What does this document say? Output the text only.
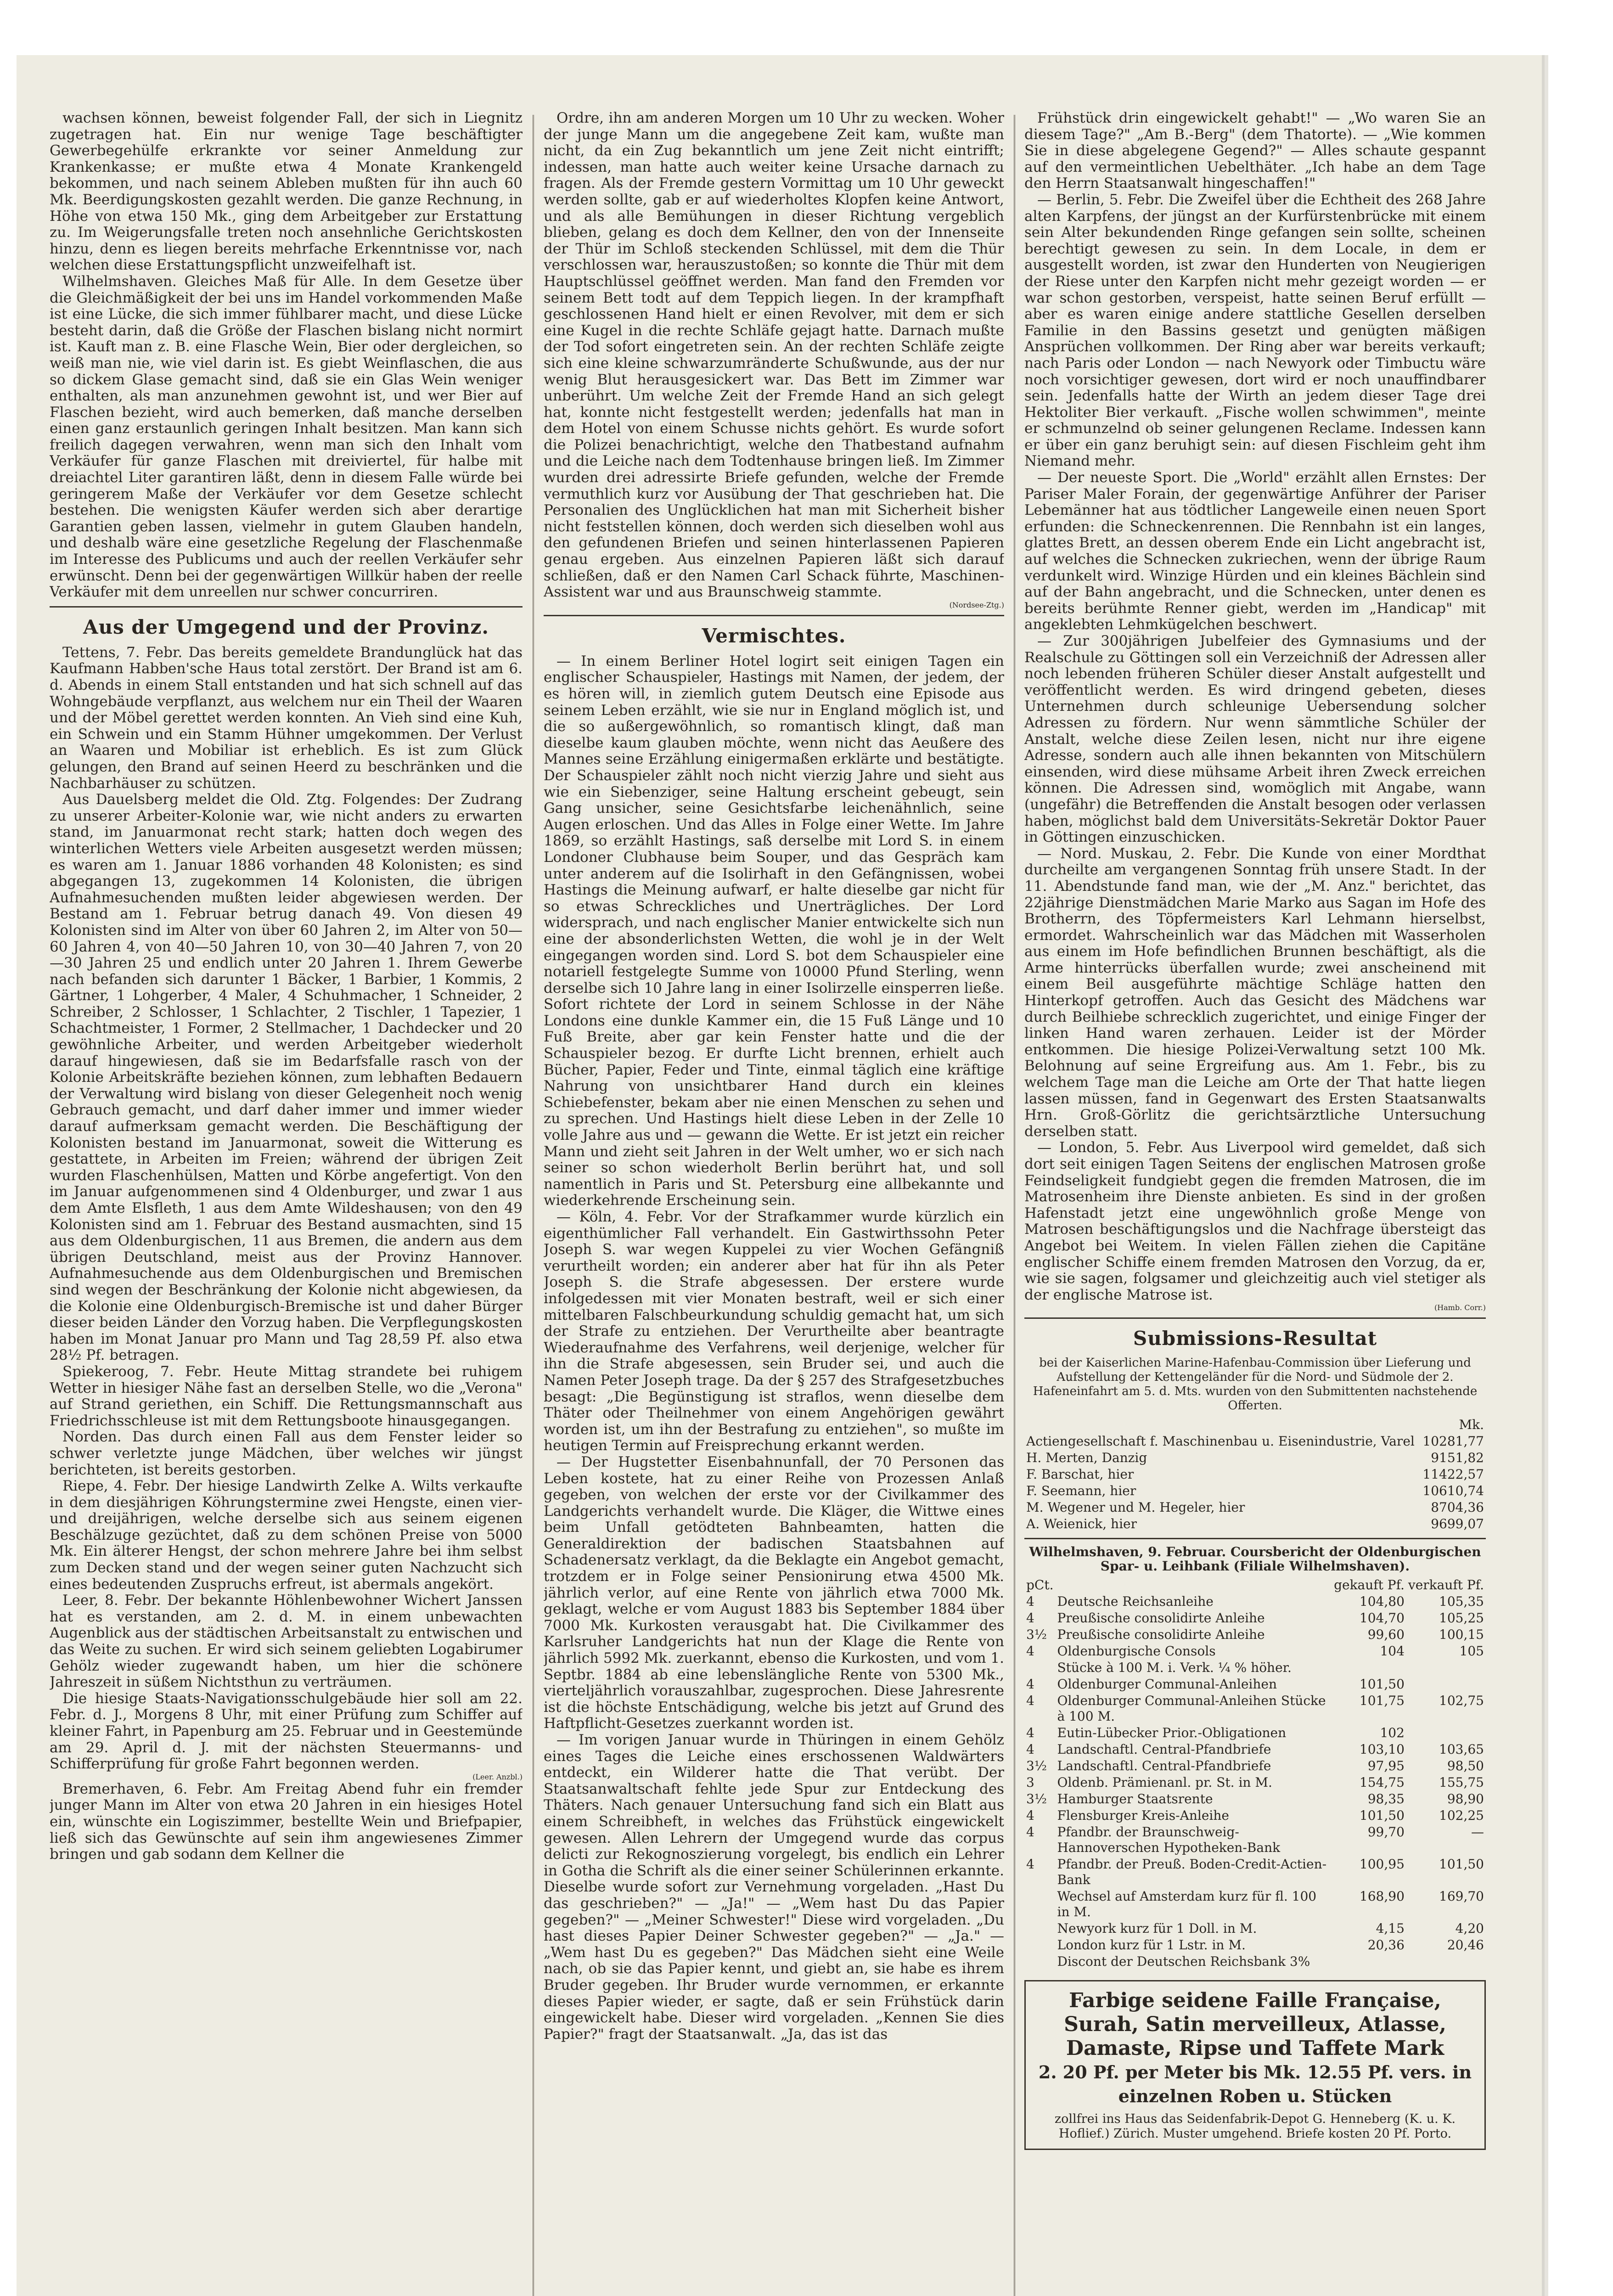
wachsen können, beweist folgender Fall, der sich in Liegnitz zugetragen hat. Ein nur wenige Tage beschäftigter Gewerbegehülfe erkrankte vor seiner Anmeldung zur Krankenkasse; er mußte etwa 4 Monate Krankengeld bekommen, und nach seinem Ableben mußten für ihn auch 60 Mk. Beerdigungskosten gezahlt werden. Die ganze Rechnung, in Höhe von etwa 150 Mk., ging dem Arbeitgeber zur Erstattung zu. Im Weigerungsfalle treten noch ansehnliche Gerichtskosten hinzu, denn es liegen bereits mehrfache Erkenntnisse vor, nach welchen diese Erstattungspflicht unzweifelhaft ist.

Wilhelmshaven. Gleiches Maß für Alle. In dem Gesetze über die Gleichmäßigkeit der bei uns im Handel vorkommenden Maße ist eine Lücke, die sich immer fühlbarer macht, und diese Lücke besteht darin, daß die Größe der Flaschen bislang nicht normirt ist. Kauft man z. B. eine Flasche Wein, Bier oder dergleichen, so weiß man nie, wie viel darin ist. Es giebt Weinflaschen, die aus so dickem Glase gemacht sind, daß sie ein Glas Wein weniger enthalten, als man anzunehmen gewohnt ist, und wer Bier auf Flaschen bezieht, wird auch bemerken, daß manche derselben einen ganz erstaunlich geringen Inhalt besitzen. Man kann sich freilich dagegen verwahren, wenn man sich den Inhalt vom Verkäufer für ganze Flaschen mit dreiviertel, für halbe mit dreiachtel Liter garantiren läßt, denn in diesem Falle würde bei geringerem Maße der Verkäufer vor dem Gesetze schlecht bestehen. Die wenigsten Käufer werden sich aber derartige Garantien geben lassen, vielmehr in gutem Glauben handeln, und deshalb wäre eine gesetzliche Regelung der Flaschenmaße im Interesse des Publicums und auch der reellen Verkäufer sehr erwünscht. Denn bei der gegenwärtigen Willkür haben der reelle Verkäufer mit dem unreellen nur schwer concurriren.

Aus der Umgegend und der Provinz.

Tettens, 7. Febr. Das bereits gemeldete Brandunglück hat das Kaufmann Habben'sche Haus total zerstört. Der Brand ist am 6. d. Abends in einem Stall entstanden und hat sich schnell auf das Wohngebäude verpflanzt, aus welchem nur ein Theil der Waaren und der Möbel gerettet werden konnten. An Vieh sind eine Kuh, ein Schwein und ein Stamm Hühner umgekommen. Der Verlust an Waaren und Mobiliar ist erheblich. Es ist zum Glück gelungen, den Brand auf seinen Heerd zu beschränken und die Nachbarhäuser zu schützen.

Aus Dauelsberg meldet die Old. Ztg. Folgendes: Der Zudrang zu unserer Arbeiter-Kolonie war, wie nicht anders zu erwarten stand, im Januarmonat recht stark; hatten doch wegen des winterlichen Wetters viele Arbeiten ausgesetzt werden müssen; es waren am 1. Januar 1886 vorhanden 48 Kolonisten; es sind abgegangen 13, zugekommen 14 Kolonisten, die übrigen Aufnahmesuchenden mußten leider abgewiesen werden. Der Bestand am 1. Februar betrug danach 49. Von diesen 49 Kolonisten sind im Alter von über 60 Jahren 2, im Alter von 50—60 Jahren 4, von 40—50 Jahren 10, von 30—40 Jahren 7, von 20—30 Jahren 25 und endlich unter 20 Jahren 1. Ihrem Gewerbe nach befanden sich darunter 1 Bäcker, 1 Barbier, 1 Kommis, 2 Gärtner, 1 Lohgerber, 4 Maler, 4 Schuhmacher, 1 Schneider, 2 Schreiber, 2 Schlosser, 1 Schlachter, 2 Tischler, 1 Tapezier, 1 Schachtmeister, 1 Former, 2 Stellmacher, 1 Dachdecker und 20 gewöhnliche Arbeiter, und werden Arbeitgeber wiederholt darauf hingewiesen, daß sie im Bedarfsfalle rasch von der Kolonie Arbeitskräfte beziehen können, zum lebhaften Bedauern der Verwaltung wird bislang von dieser Gelegenheit noch wenig Gebrauch gemacht, und darf daher immer und immer wieder darauf aufmerksam gemacht werden. Die Beschäftigung der Kolonisten bestand im Januarmonat, soweit die Witterung es gestattete, in Arbeiten im Freien; während der übrigen Zeit wurden Flaschenhülsen, Matten und Körbe angefertigt. Von den im Januar aufgenommenen sind 4 Oldenburger, und zwar 1 aus dem Amte Elsfleth, 1 aus dem Amte Wildeshausen; von den 49 Kolonisten sind am 1. Februar des Bestand ausmachten, sind 15 aus dem Oldenburgischen, 11 aus Bremen, die andern aus dem übrigen Deutschland, meist aus der Provinz Hannover. Aufnahmesuchende aus dem Oldenburgischen und Bremischen sind wegen der Beschränkung der Kolonie nicht abgewiesen, da die Kolonie eine Oldenburgisch-Bremische ist und daher Bürger dieser beiden Länder den Vorzug haben. Die Verpflegungskosten haben im Monat Januar pro Mann und Tag 28,59 Pf. also etwa 28½ Pf. betragen.

Spiekeroog, 7. Febr. Heute Mittag strandete bei ruhigem Wetter in hiesiger Nähe fast an derselben Stelle, wo die „Verona" auf Strand geriethen, ein Schiff. Die Rettungsmannschaft aus Friedrichsschleuse ist mit dem Rettungsboote hinausgegangen.

Norden. Das durch einen Fall aus dem Fenster leider so schwer verletzte junge Mädchen, über welches wir jüngst berichteten, ist bereits gestorben.

Riepe, 4. Febr. Der hiesige Landwirth Zelke A. Wilts verkaufte in dem diesjährigen Köhrungstermine zwei Hengste, einen vier- und dreijährigen, welche derselbe sich aus seinem eigenen Beschälzuge gezüchtet, daß zu dem schönen Preise von 5000 Mk. Ein älterer Hengst, der schon mehrere Jahre bei ihm selbst zum Decken stand und der wegen seiner guten Nachzucht sich eines bedeutenden Zuspruchs erfreut, ist abermals angekört.

Leer, 8. Febr. Der bekannte Höhlenbewohner Wichert Janssen hat es verstanden, am 2. d. M. in einem unbewachten Augenblick aus der städtischen Arbeitsanstalt zu entwischen und das Weite zu suchen. Er wird sich seinem geliebten Logabirumer Gehölz wieder zugewandt haben, um hier die schönere Jahreszeit in süßem Nichtsthun zu verträumen.

Die hiesige Staats-Navigationsschulgebäude hier soll am 22. Febr. d. J., Morgens 8 Uhr, mit einer Prüfung zum Schiffer auf kleiner Fahrt, in Papenburg am 25. Februar und in Geestemünde am 29. April d. J. mit der nächsten Steuermanns- und Schifferprüfung für große Fahrt begonnen werden.

(Leer. Anzbl.)

Bremerhaven, 6. Febr. Am Freitag Abend fuhr ein fremder junger Mann im Alter von etwa 20 Jahren in ein hiesiges Hotel ein, wünschte ein Logiszimmer, bestellte Wein und Briefpapier, ließ sich das Gewünschte auf sein ihm angewiesenes Zimmer bringen und gab sodann dem Kellner die

Ordre, ihn am anderen Morgen um 10 Uhr zu wecken. Woher der junge Mann um die angegebene Zeit kam, wußte man nicht, da ein Zug bekanntlich um jene Zeit nicht eintrifft; indessen, man hatte auch weiter keine Ursache darnach zu fragen. Als der Fremde gestern Vormittag um 10 Uhr geweckt werden sollte, gab er auf wiederholtes Klopfen keine Antwort, und als alle Bemühungen in dieser Richtung vergeblich blieben, gelang es doch dem Kellner, den von der Innenseite der Thür im Schloß steckenden Schlüssel, mit dem die Thür verschlossen war, herauszustoßen; so konnte die Thür mit dem Hauptschlüssel geöffnet werden. Man fand den Fremden vor seinem Bett todt auf dem Teppich liegen. In der krampfhaft geschlossenen Hand hielt er einen Revolver, mit dem er sich eine Kugel in die rechte Schläfe gejagt hatte. Darnach mußte der Tod sofort eingetreten sein. An der rechten Schläfe zeigte sich eine kleine schwarzumränderte Schußwunde, aus der nur wenig Blut herausgesickert war. Das Bett im Zimmer war unberührt. Um welche Zeit der Fremde Hand an sich gelegt hat, konnte nicht festgestellt werden; jedenfalls hat man in dem Hotel von einem Schusse nichts gehört. Es wurde sofort die Polizei benachrichtigt, welche den Thatbestand aufnahm und die Leiche nach dem Todtenhause bringen ließ. Im Zimmer wurden drei adressirte Briefe gefunden, welche der Fremde vermuthlich kurz vor Ausübung der That geschrieben hat. Die Personalien des Unglücklichen hat man mit Sicherheit bisher nicht feststellen können, doch werden sich dieselben wohl aus den gefundenen Briefen und seinen hinterlassenen Papieren genau ergeben. Aus einzelnen Papieren läßt sich darauf schließen, daß er den Namen Carl Schack führte, Maschinen-Assistent war und aus Braunschweig stammte.

(Nordsee-Ztg.)
Vermischtes.

— In einem Berliner Hotel logirt seit einigen Tagen ein englischer Schauspieler, Hastings mit Namen, der jedem, der es hören will, in ziemlich gutem Deutsch eine Episode aus seinem Leben erzählt, wie sie nur in England möglich ist, und die so außergewöhnlich, so romantisch klingt, daß man dieselbe kaum glauben möchte, wenn nicht das Aeußere des Mannes seine Erzählung einigermaßen erklärte und bestätigte. Der Schauspieler zählt noch nicht vierzig Jahre und sieht aus wie ein Siebenziger, seine Haltung erscheint gebeugt, sein Gang unsicher, seine Gesichtsfarbe leichenähnlich, seine Augen erloschen. Und das Alles in Folge einer Wette. Im Jahre 1869, so erzählt Hastings, saß derselbe mit Lord S. in einem Londoner Clubhause beim Souper, und das Gespräch kam unter anderem auf die Isolirhaft in den Gefängnissen, wobei Hastings die Meinung aufwarf, er halte dieselbe gar nicht für so etwas Schreckliches und Unerträgliches. Der Lord widersprach, und nach englischer Manier entwickelte sich nun eine der absonderlichsten Wetten, die wohl je in der Welt eingegangen worden sind. Lord S. bot dem Schauspieler eine notariell festgelegte Summe von 10000 Pfund Sterling, wenn derselbe sich 10 Jahre lang in einer Isolirzelle einsperren ließe. Sofort richtete der Lord in seinem Schlosse in der Nähe Londons eine dunkle Kammer ein, die 15 Fuß Länge und 10 Fuß Breite, aber gar kein Fenster hatte und die der Schauspieler bezog. Er durfte Licht brennen, erhielt auch Bücher, Papier, Feder und Tinte, einmal täglich eine kräftige Nahrung von unsichtbarer Hand durch ein kleines Schiebefenster, bekam aber nie einen Menschen zu sehen und zu sprechen. Und Hastings hielt diese Leben in der Zelle 10 volle Jahre aus und — gewann die Wette. Er ist jetzt ein reicher Mann und zieht seit Jahren in der Welt umher, wo er sich nach seiner so schon wiederholt Berlin berührt hat, und soll namentlich in Paris und St. Petersburg eine allbekannte und wiederkehrende Erscheinung sein.

— Köln, 4. Febr. Vor der Strafkammer wurde kürzlich ein eigenthümlicher Fall verhandelt. Ein Gastwirthssohn Peter Joseph S. war wegen Kuppelei zu vier Wochen Gefängniß verurtheilt worden; ein anderer aber hat für ihn als Peter Joseph S. die Strafe abgesessen. Der erstere wurde infolgedessen mit vier Monaten bestraft, weil er sich einer mittelbaren Falschbeurkundung schuldig gemacht hat, um sich der Strafe zu entziehen. Der Verurtheilte aber beantragte Wiederaufnahme des Verfahrens, weil derjenige, welcher für ihn die Strafe abgesessen, sein Bruder sei, und auch die Namen Peter Joseph trage. Da der § 257 des Strafgesetzbuches besagt: „Die Begünstigung ist straflos, wenn dieselbe dem Thäter oder Theilnehmer von einem Angehörigen gewährt worden ist, um ihn der Bestrafung zu entziehen", so mußte im heutigen Termin auf Freisprechung erkannt werden.

— Der Hugstetter Eisenbahnunfall, der 70 Personen das Leben kostete, hat zu einer Reihe von Prozessen Anlaß gegeben, von welchen der erste vor der Civilkammer des Landgerichts verhandelt wurde. Die Kläger, die Wittwe eines beim Unfall getödteten Bahnbeamten, hatten die Generaldirektion der badischen Staatsbahnen auf Schadenersatz verklagt, da die Beklagte ein Angebot gemacht, trotzdem er in Folge seiner Pensionirung etwa 4500 Mk. jährlich verlor, auf eine Rente von jährlich etwa 7000 Mk. geklagt, welche er vom August 1883 bis September 1884 über 7000 Mk. Kurkosten verausgabt hat. Die Civilkammer des Karlsruher Landgerichts hat nun der Klage die Rente von jährlich 5992 Mk. zuerkannt, ebenso die Kurkosten, und vom 1. Septbr. 1884 ab eine lebenslängliche Rente von 5300 Mk., vierteljährlich vorauszahlbar, zugesprochen. Diese Jahresrente ist die höchste Entschädigung, welche bis jetzt auf Grund des Haftpflicht-Gesetzes zuerkannt worden ist.

— Im vorigen Januar wurde in Thüringen in einem Gehölz eines Tages die Leiche eines erschossenen Waldwärters entdeckt, ein Wilderer hatte die That verübt. Der Staatsanwaltschaft fehlte jede Spur zur Entdeckung des Thäters. Nach genauer Untersuchung fand sich ein Blatt aus einem Schreibheft, in welches das Frühstück eingewickelt gewesen. Allen Lehrern der Umgegend wurde das corpus delicti zur Rekognoszierung vorgelegt, bis endlich ein Lehrer in Gotha die Schrift als die einer seiner Schülerinnen erkannte. Dieselbe wurde sofort zur Vernehmung vorgeladen. „Hast Du das geschrieben?" — „Ja!" — „Wem hast Du das Papier gegeben?" — „Meiner Schwester!" Diese wird vorgeladen. „Du hast dieses Papier Deiner Schwester gegeben?" — „Ja." — „Wem hast Du es gegeben?" Das Mädchen sieht eine Weile nach, ob sie das Papier kennt, und giebt an, sie habe es ihrem Bruder gegeben. Ihr Bruder wurde vernommen, er erkannte dieses Papier wieder, er sagte, daß er sein Frühstück darin eingewickelt habe. Dieser wird vorgeladen. „Kennen Sie dies Papier?" fragt der Staatsanwalt. „Ja, das ist das

Frühstück drin eingewickelt gehabt!" — „Wo waren Sie an diesem Tage?" „Am B.-Berg" (dem Thatorte). — „Wie kommen Sie in diese abgelegene Gegend?" — Alles schaute gespannt auf den vermeintlichen Uebelthäter. „Ich habe an dem Tage den Herrn Staatsanwalt hingeschaffen!"

— Berlin, 5. Febr. Die Zweifel über die Echtheit des 268 Jahre alten Karpfens, der jüngst an der Kurfürstenbrücke mit einem sein Alter bekundenden Ringe gefangen sein sollte, scheinen berechtigt gewesen zu sein. In dem Locale, in dem er ausgestellt worden, ist zwar den Hunderten von Neugierigen der Riese unter den Karpfen nicht mehr gezeigt worden — er war schon gestorben, verspeist, hatte seinen Beruf erfüllt — aber es waren einige andere stattliche Gesellen derselben Familie in den Bassins gesetzt und genügten mäßigen Ansprüchen vollkommen. Der Ring aber war bereits verkauft; nach Paris oder London — nach Newyork oder Timbuctu wäre noch vorsichtiger gewesen, dort wird er noch unauffindbarer sein. Jedenfalls hatte der Wirth an jedem dieser Tage drei Hektoliter Bier verkauft. „Fische wollen schwimmen", meinte er schmunzelnd ob seiner gelungenen Reclame. Indessen kann er über ein ganz beruhigt sein: auf diesen Fischleim geht ihm Niemand mehr.

— Der neueste Sport. Die „World" erzählt allen Ernstes: Der Pariser Maler Forain, der gegenwärtige Anführer der Pariser Lebemänner hat aus tödtlicher Langeweile einen neuen Sport erfunden: die Schneckenrennen. Die Rennbahn ist ein langes, glattes Brett, an dessen oberem Ende ein Licht angebracht ist, auf welches die Schnecken zukriechen, wenn der übrige Raum verdunkelt wird. Winzige Hürden und ein kleines Bächlein sind auf der Bahn angebracht, und die Schnecken, unter denen es bereits berühmte Renner giebt, werden im „Handicap" mit angeklebten Lehmkügelchen beschwert.

— Zur 300jährigen Jubelfeier des Gymnasiums und der Realschule zu Göttingen soll ein Verzeichniß der Adressen aller noch lebenden früheren Schüler dieser Anstalt aufgestellt und veröffentlicht werden. Es wird dringend gebeten, dieses Unternehmen durch schleunige Uebersendung solcher Adressen zu fördern. Nur wenn sämmtliche Schüler der Anstalt, welche diese Zeilen lesen, nicht nur ihre eigene Adresse, sondern auch alle ihnen bekannten von Mitschülern einsenden, wird diese mühsame Arbeit ihren Zweck erreichen können. Die Adressen sind, womöglich mit Angabe, wann (ungefähr) die Betreffenden die Anstalt besogen oder verlassen haben, möglichst bald dem Universitäts-Sekretär Doktor Pauer in Göttingen einzuschicken.

— Nord. Muskau, 2. Febr. Die Kunde von einer Mordthat durcheilte am vergangenen Sonntag früh unsere Stadt. In der 11. Abendstunde fand man, wie der „M. Anz." berichtet, das 22jährige Dienstmädchen Marie Marko aus Sagan im Hofe des Brotherrn, des Töpfermeisters Karl Lehmann hierselbst, ermordet. Wahrscheinlich war das Mädchen mit Wasserholen aus einem im Hofe befindlichen Brunnen beschäftigt, als die Arme hinterrücks überfallen wurde; zwei anscheinend mit einem Beil ausgeführte mächtige Schläge hatten den Hinterkopf getroffen. Auch das Gesicht des Mädchens war durch Beilhiebe schrecklich zugerichtet, und einige Finger der linken Hand waren zerhauen. Leider ist der Mörder entkommen. Die hiesige Polizei-Verwaltung setzt 100 Mk. Belohnung auf seine Ergreifung aus. Am 1. Febr., bis zu welchem Tage man die Leiche am Orte der That hatte liegen lassen müssen, fand in Gegenwart des Ersten Staatsanwalts Hrn. Groß-Görlitz die gerichtsärztliche Untersuchung derselben statt.

— London, 5. Febr. Aus Liverpool wird gemeldet, daß sich dort seit einigen Tagen Seitens der englischen Matrosen große Feindseligkeit fundgiebt gegen die fremden Matrosen, die im Matrosenheim ihre Dienste anbieten. Es sind in der großen Hafenstadt jetzt eine ungewöhnlich große Menge von Matrosen beschäftigungslos und die Nachfrage übersteigt das Angebot bei Weitem. In vielen Fällen ziehen die Capitäne englischer Schiffe einem fremden Matrosen den Vorzug, da er, wie sie sagen, folgsamer und gleichzeitig auch viel stetiger als der englische Matrose ist.

(Hamb. Corr.)
Submissions-Resultat
bei der Kaiserlichen Marine-Hafenbau-Commission über Lieferung und Aufstellung der Kettengeländer für die Nord- und Südmole der 2. Hafeneinfahrt am 5. d. Mts. wurden von den Submittenten nachstehende Offerten.
	Mk.
Actiengesellschaft f. Maschinenbau u. Eisenindustrie, Varel	10281,77
H. Merten, Danzig	9151,82
F. Barschat, hier	11422,57
F. Seemann, hier	10610,74
M. Wegener und M. Hegeler, hier	8704,36
A. Weienick, hier	9699,07
Wilhelmshaven, 9. Februar. Coursbericht der Oldenburgischen Spar- u. Leihbank (Filiale Wilhelmshaven).
pCt.		gekauft Pf.	verkauft Pf.
4	Deutsche Reichsanleihe	104,80	105,35
4	Preußische consolidirte Anleihe	104,70	105,25
3½	Preußische consolidirte Anleihe	99,60	100,15
4	Oldenburgische Consols	104	105
	Stücke à 100 M. i. Verk. ¼ % höher.		
4	Oldenburger Communal-Anleihen	101,50	
4	Oldenburger Communal-Anleihen Stücke à 100 M.	101,75	102,75
4	Eutin-Lübecker Prior.-Obligationen	102	
4	Landschaftl. Central-Pfandbriefe	103,10	103,65
3½	Landschaftl. Central-Pfandbriefe	97,95	98,50
3	Oldenb. Prämienanl. pr. St. in M.	154,75	155,75
3½	Hamburger Staatsrente	98,35	98,90
4	Flensburger Kreis-Anleihe	101,50	102,25
4	Pfandbr. der Braunschweig-Hannoverschen Hypotheken-Bank	99,70	—
4	Pfandbr. der Preuß. Boden-Credit-Actien-Bank	100,95	101,50
	Wechsel auf Amsterdam kurz für fl. 100 in M.	168,90	169,70
	Newyork kurz für 1 Doll. in M.	4,15	4,20
	London kurz für 1 Lstr. in M.	20,36	20,46
	Discont der Deutschen Reichsbank 3%		
Farbige seidene Faille Française,
Surah, Satin merveilleux, Atlasse,
Damaste, Ripse und Taffete Mark
2. 20 Pf. per Meter bis Mk. 12.55 Pf. vers. in einzelnen Roben u. Stücken
zollfrei ins Haus das Seidenfabrik-Depot G. Henneberg (K. u. K. Hoflief.) Zürich. Muster umgehend. Briefe kosten 20 Pf. Porto.
